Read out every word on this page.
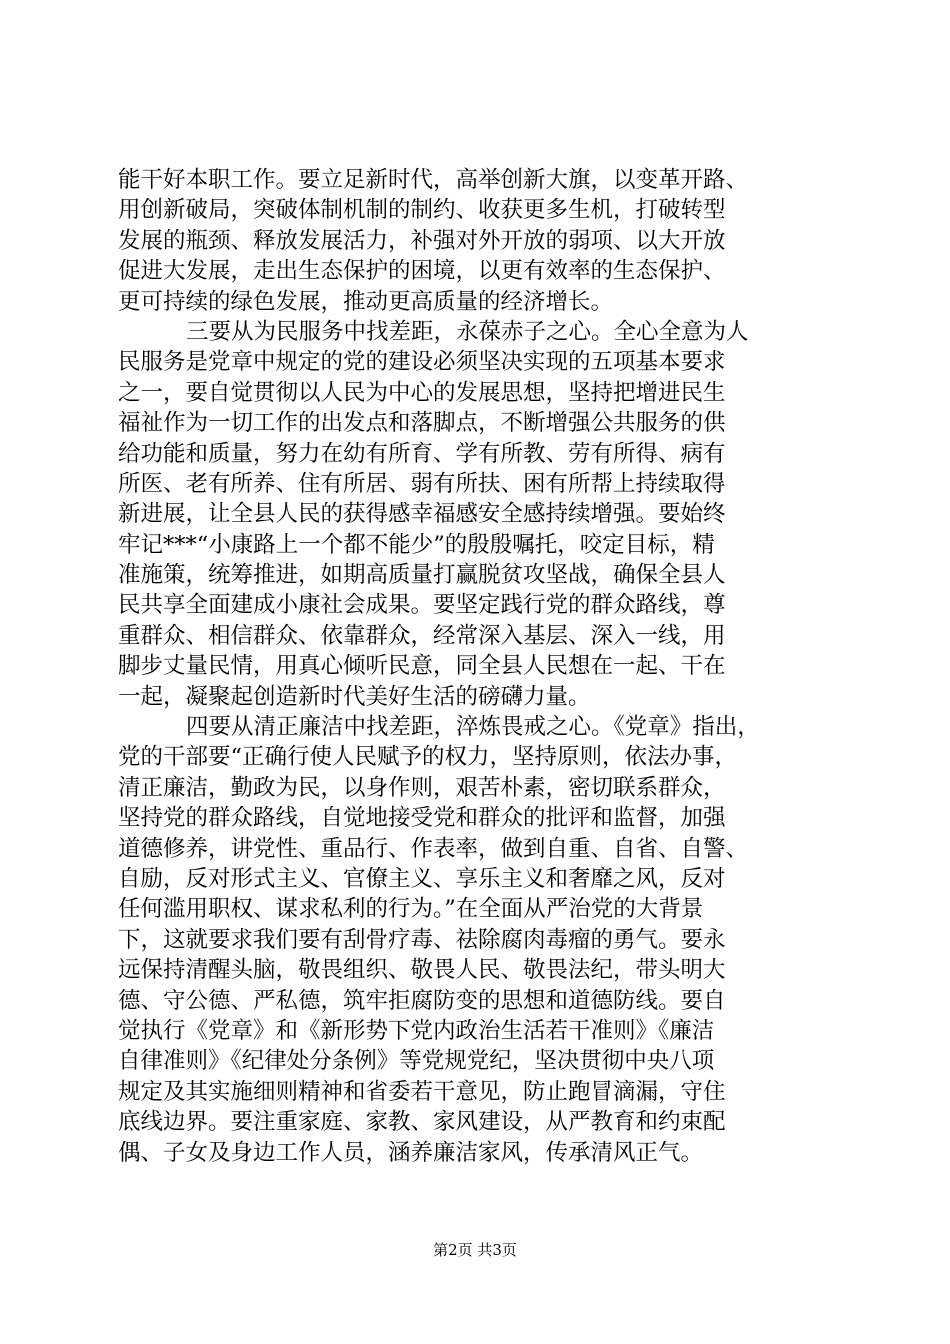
能干好本职工作。要立足新时代，高举创新大旗，以变革开路、
用创新破局，突破体制机制的制约、收获更多生机，打破转型
发展的瓶颈、释放发展活力，补强对外开放的弱项、以大开放
促进大发展，走出生态保护的困境，以更有效率的生态保护、
更可持续的绿色发展，推动更高质量的经济增长。
三要从为民服务中找差距，永葆赤子之心。全心全意为人
民服务是党章中规定的党的建设必须坚决实现的五项基本要求
之一，要自觉贯彻以人民为中心的发展思想，坚持把增进民生
福祉作为一切工作的出发点和落脚点，不断增强公共服务的供
给功能和质量，努力在幼有所育、学有所教、劳有所得、病有
所医、老有所养、住有所居、弱有所扶、困有所帮上持续取得
新进展，让全县人民的获得感幸福感安全感持续增强。要始终
牢记***“小康路上一个都不能少”的殷殷嘱托，咬定目标，精
准施策，统筹推进，如期高质量打赢脱贫攻坚战，确保全县人
民共享全面建成小康社会成果。要坚定践行党的群众路线，尊
重群众、相信群众、依靠群众，经常深入基层、深入一线，用
脚步丈量民情，用真心倾听民意，同全县人民想在一起、干在
一起，凝聚起创造新时代美好生活的磅礴力量。
四要从清正廉洁中找差距，淬炼畏戒之心。《党章》指出，
党的干部要“正确行使人民赋予的权力，坚持原则，依法办事，
清正廉洁，勤政为民，以身作则，艰苦朴素，密切联系群众，
坚持党的群众路线，自觉地接受党和群众的批评和监督，加强
道德修养，讲党性、重品行、作表率，做到自重、自省、自警、
自励，反对形式主义、官僚主义、享乐主义和奢靡之风，反对
任何滥用职权、谋求私利的行为。”在全面从严治党的大背景
下，这就要求我们要有刮骨疗毒、祛除腐肉毒瘤的勇气。要永
远保持清醒头脑，敬畏组织、敬畏人民、敬畏法纪，带头明大
德、守公德、严私德，筑牢拒腐防变的思想和道德防线。要自
觉执行《党章》和《新形势下党内政治生活若干准则》《廉洁
自律准则》《纪律处分条例》等党规党纪，坚决贯彻中央八项
规定及其实施细则精神和省委若干意见，防止跑冒滴漏，守住
底线边界。要注重家庭、家教、家风建设，从严教育和约束配
偶、子女及身边工作人员，涵养廉洁家风，传承清风正气。
第2页 共3页
